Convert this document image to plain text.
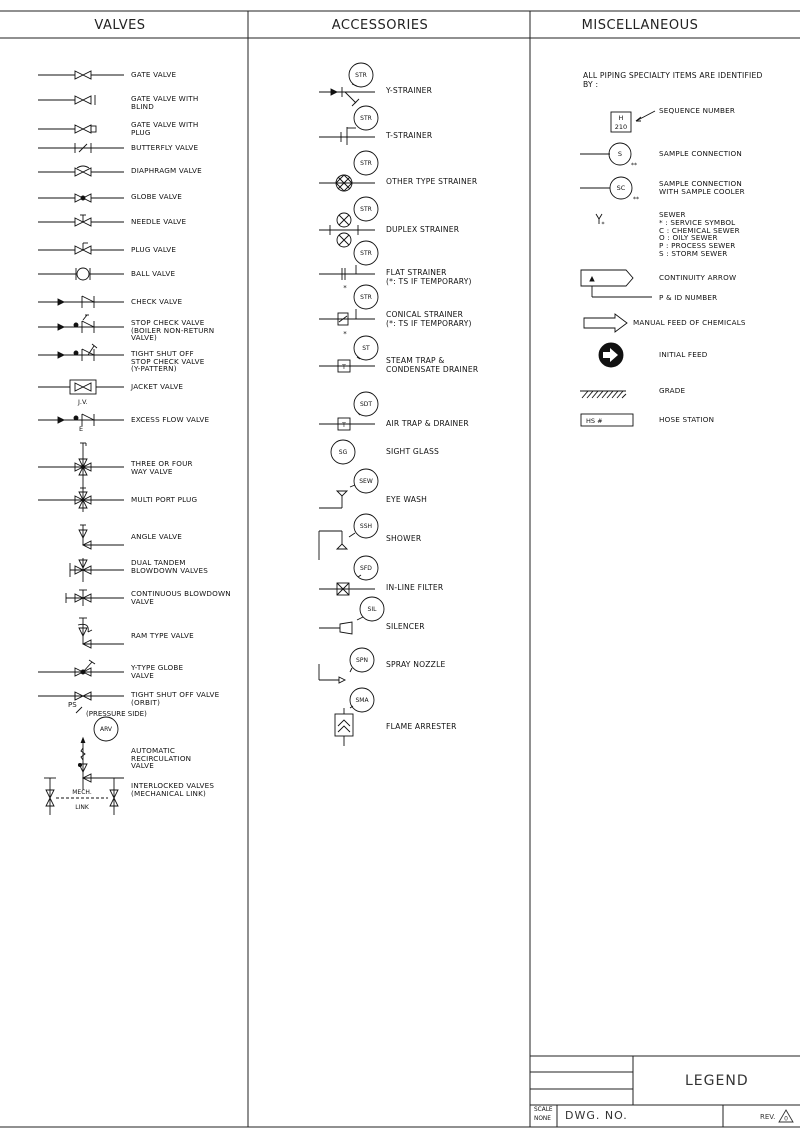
VALVES	ACCESSORIES	MISCELLANEOUS
J.V.
E
PS
(PRESSURE SIDE)
ARV
MECH.
LINK
GATE VALVE
GATE VALVE WITH
BLIND
GATE VALVE WITH
PLUG
BUTTERFLY VALVE
DIAPHRAGM VALVE
GLOBE VALVE
NEEDLE VALVE
PLUG VALVE
BALL VALVE
CHECK VALVE
STOP CHECK VALVE
(BOILER NON-RETURN
VALVE)
TIGHT SHUT OFF
STOP CHECK VALVE
(Y-PATTERN)
JACKET VALVE
EXCESS FLOW VALVE
THREE OR FOUR
WAY VALVE
MULTI PORT PLUG
ANGLE VALVE
DUAL TANDEM
BLOWDOWN VALVES
CONTINUOUS BLOWDOWN
VALVE
RAM TYPE VALVE
Y-TYPE GLOBE
VALVE
TIGHT SHUT OFF VALVE
(ORBIT)
AUTOMATIC
RECIRCULATION
VALVE
INTERLOCKED VALVES
(MECHANICAL LINK)
STR
STR
STR
STR
STR
STR
ST
SDT
SG
SEW
SSH
SFD
SIL
SPN
SMA
*
*
T
T
Y-STRAINER
T-STRAINER
OTHER TYPE STRAINER
DUPLEX STRAINER
FLAT STRAINER
(*: TS IF TEMPORARY)
CONICAL STRAINER
(*: TS IF TEMPORARY)
STEAM TRAP &
CONDENSATE DRAINER
AIR TRAP & DRAINER
SIGHT GLASS
EYE WASH
SHOWER
IN-LINE FILTER
SILENCER
SPRAY NOZZLE
FLAME ARRESTER
H
210
S
**
SC
**
*
HS #
ALL PIPING SPECIALTY ITEMS ARE IDENTIFIED
BY :
SEQUENCE NUMBER
SAMPLE CONNECTION
SAMPLE CONNECTION
WITH SAMPLE COOLER
SEWER
* : SERVICE SYMBOL
C : CHEMICAL SEWER
O : OILY SEWER
P : PROCESS SEWER
S : STORM SEWER
CONTINUITY ARROW
P & ID NUMBER
MANUAL FEED OF CHEMICALS
INITIAL FEED
GRADE
HOSE STATION
LEGEND
SCALE
NONE DWG. NO.	REV. 0
